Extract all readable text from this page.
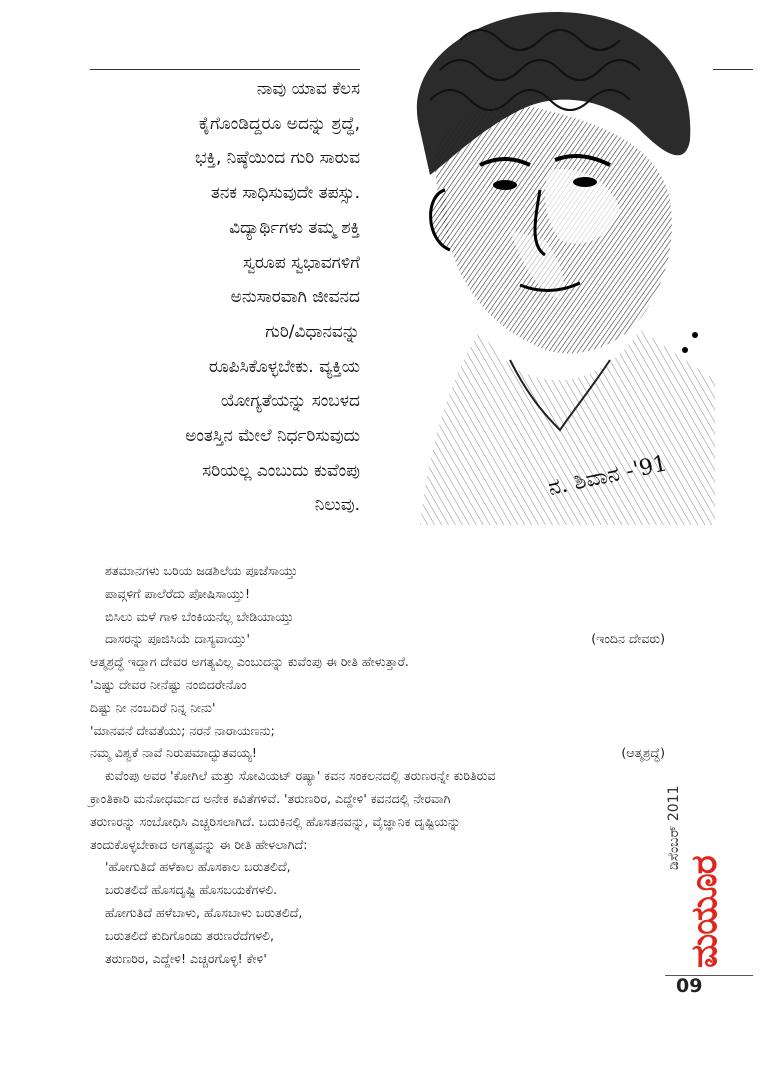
ನ. ಶಿವಾನ -'91
ನಾವು ಯಾವ ಕೆಲಸ
ಕೈಗೊಂಡಿದ್ದರೂ ಅದನ್ನು ಶ್ರದ್ಧೆ,
ಭಕ್ತಿ, ನಿಷ್ಠೆಯಿಂದ ಗುರಿ ಸಾರುವ
ತನಕ ಸಾಧಿಸುವುದೇ ತಪಸ್ಸು.
ವಿದ್ಯಾರ್ಥಿಗಳು ತಮ್ಮ ಶಕ್ತಿ
ಸ್ವರೂಪ ಸ್ವಭಾವಗಳಿಗೆ
ಅನುಸಾರವಾಗಿ ಜೀವನದ
ಗುರಿ/ವಿಧಾನವನ್ನು
ರೂಪಿಸಿಕೊಳ್ಳಬೇಕು. ವ್ಯಕ್ತಿಯ
ಯೋಗ್ಯತೆಯನ್ನು ಸಂಬಳದ
ಅಂತಸ್ತಿನ ಮೇಲೆ ನಿರ್ಧರಿಸುವುದು
ಸರಿಯಲ್ಲ ಎಂಬುದು ಕುವೆಂಪು
ನಿಲುವು.
ಶತಮಾನಗಳು ಬರಿಯ ಜಡಶಿಲೆಯ ಪೂಜೆಸಾಯ್ತು
ಪಾವ್ಗಳಿಗೆ ಪಾಲೆರೆದು ಪೋಷಿಸಾಯ್ತು!
ಬಿಸಿಲು ಮಳೆ ಗಾಳಿ ಬೆಂಕಿಯನೆಲ್ಲ ಬೇಡಿಯಾಯ್ತು
ದಾಸರನ್ನು ಪೂಜಿಸಿಯೆ ದಾಸ್ಯವಾಯ್ತು'	(ಇಂದಿನ ದೇವರು)
ಆತ್ಮಶ್ರದ್ಧೆ ಇದ್ದಾಗ ದೇವರ ಅಗತ್ಯವಿಲ್ಲ ಎಂಬುದನ್ನು ಕುವೆಂಪು ಈ ರೀತಿ ಹೇಳುತ್ತಾರೆ.
'ಎಷ್ಟು ದೇವರ ನೀನೆಷ್ಟು ನಂಬಿದರೇನೊಂ
ದಿಷ್ಟು ನೀ ನಂಬದಿರೆ ನಿನ್ನ ನೀನು'
'ಮಾನವನೆ ದೇವತೆಯು; ನರನೆ ನಾರಾಯಣನು;
ನಮ್ಮ ವಿಶ್ವಕೆ ನಾವೆ ನಿರುಪಮಾದ್ಭುತವಯ್ಯ!	(ಆತ್ಮಶ್ರದ್ಧೆ)
ಕುವೆಂಪು ಅವರ 'ಕೋಗಿಲೆ ಮತ್ತು ಸೋವಿಯಟ್ ರಷ್ಯಾ' ಕವನ ಸಂಕಲನದಲ್ಲಿ ತರುಣರನ್ನೇ ಕುರಿತಿರುವ
ಕ್ರಾಂತಿಕಾರಿ ಮನೋಧರ್ಮದ ಅನೇಕ ಕವಿತೆಗಳಿವೆ. 'ತರುಣರಿರ, ಎದ್ದೇಳಿ' ಕವನದಲ್ಲಿ ನೇರವಾಗಿ
ತರುಣರನ್ನು ಸಂಬೋಧಿಸಿ ಎಚ್ಚರಿಸಲಾಗಿದೆ. ಬದುಕಿನಲ್ಲಿ ಹೊಸತನವನ್ನು, ವೈಜ್ಞಾನಿಕ ದೃಷ್ಟಿಯನ್ನು
ತಂದುಕೊಳ್ಳಬೇಕಾದ ಅಗತ್ಯವನ್ನು ಈ ರೀತಿ ಹೇಳಲಾಗಿದೆ:
'ಹೋಗುತಿದೆ ಹಳೆಕಾಲ ಹೊಸಕಾಲ ಬರುತಲಿದೆ,
ಬರುತಲಿದೆ ಹೊಸದೃಷ್ಟಿ ಹೊಸಬಯಕೆಗಳಲಿ.
ಹೋಗುತಿದೆ ಹಳೆಬಾಳು, ಹೊಸಬಾಳು ಬರುತಲಿದೆ,
ಬರುತಲಿದೆ ಕುದಿಗೊಂಡು ತರುಣರೆದೆಗಳಲಿ,
ತರುಣರಿರ, ಎದ್ದೇಳಿ! ಎಚ್ಚರಗೊಳ್ಳಿ! ಕೇಳಿ'
ಡಿಸೆಂಬರ್ 2011
ಮಯೂರ
09
